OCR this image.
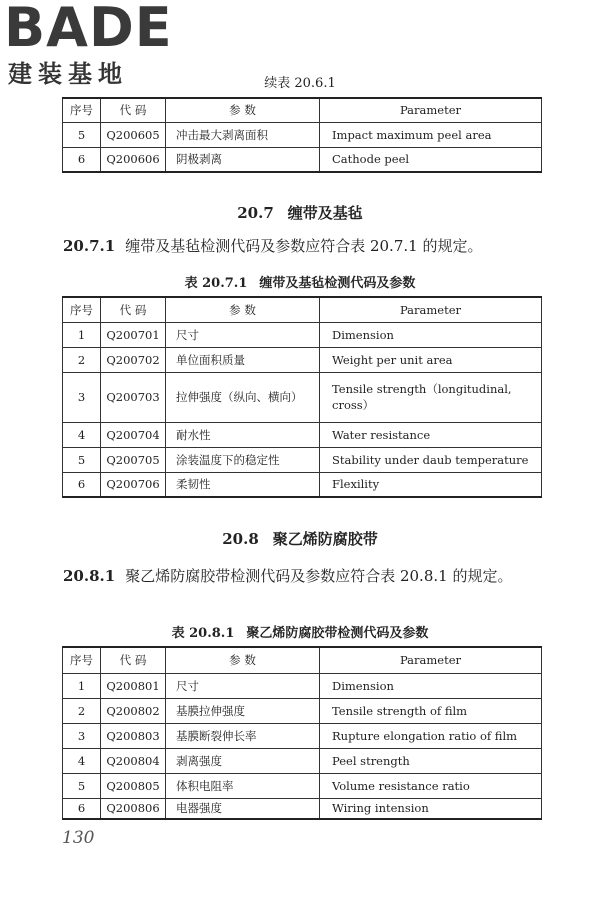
BADE
建装基地	续表 20.6.1
序号	代 码	参 数	Parameter
5	Q200605	冲击最大剥离面积	Impact maximum peel area
6	Q200606	阴极剥离	Cathode peel
20.7 缠带及基毡
20.7.1 缠带及基毡检测代码及参数应符合表 20.7.1 的规定。
表 20.7.1 缠带及基毡检测代码及参数
序号	代 码	参 数	Parameter
1	Q200701	尺寸	Dimension
2	Q200702	单位面积质量	Weight per unit area
3	Q200703	拉伸强度（纵向、横向）	Tensile strength（longitudinal, cross）
4	Q200704	耐水性	Water resistance
5	Q200705	涂装温度下的稳定性	Stability under daub temperature
6	Q200706	柔韧性	Flexility
20.8 聚乙烯防腐胶带
20.8.1 聚乙烯防腐胶带检测代码及参数应符合表 20.8.1 的规定。
表 20.8.1 聚乙烯防腐胶带检测代码及参数
序号	代 码	参 数	Parameter
1	Q200801	尺寸	Dimension
2	Q200802	基膜拉伸强度	Tensile strength of film
3	Q200803	基膜断裂伸长率	Rupture elongation ratio of film
4	Q200804	剥离强度	Peel strength
5	Q200805	体积电阻率	Volume resistance ratio
6	Q200806	电器强度	Wiring intension
130
